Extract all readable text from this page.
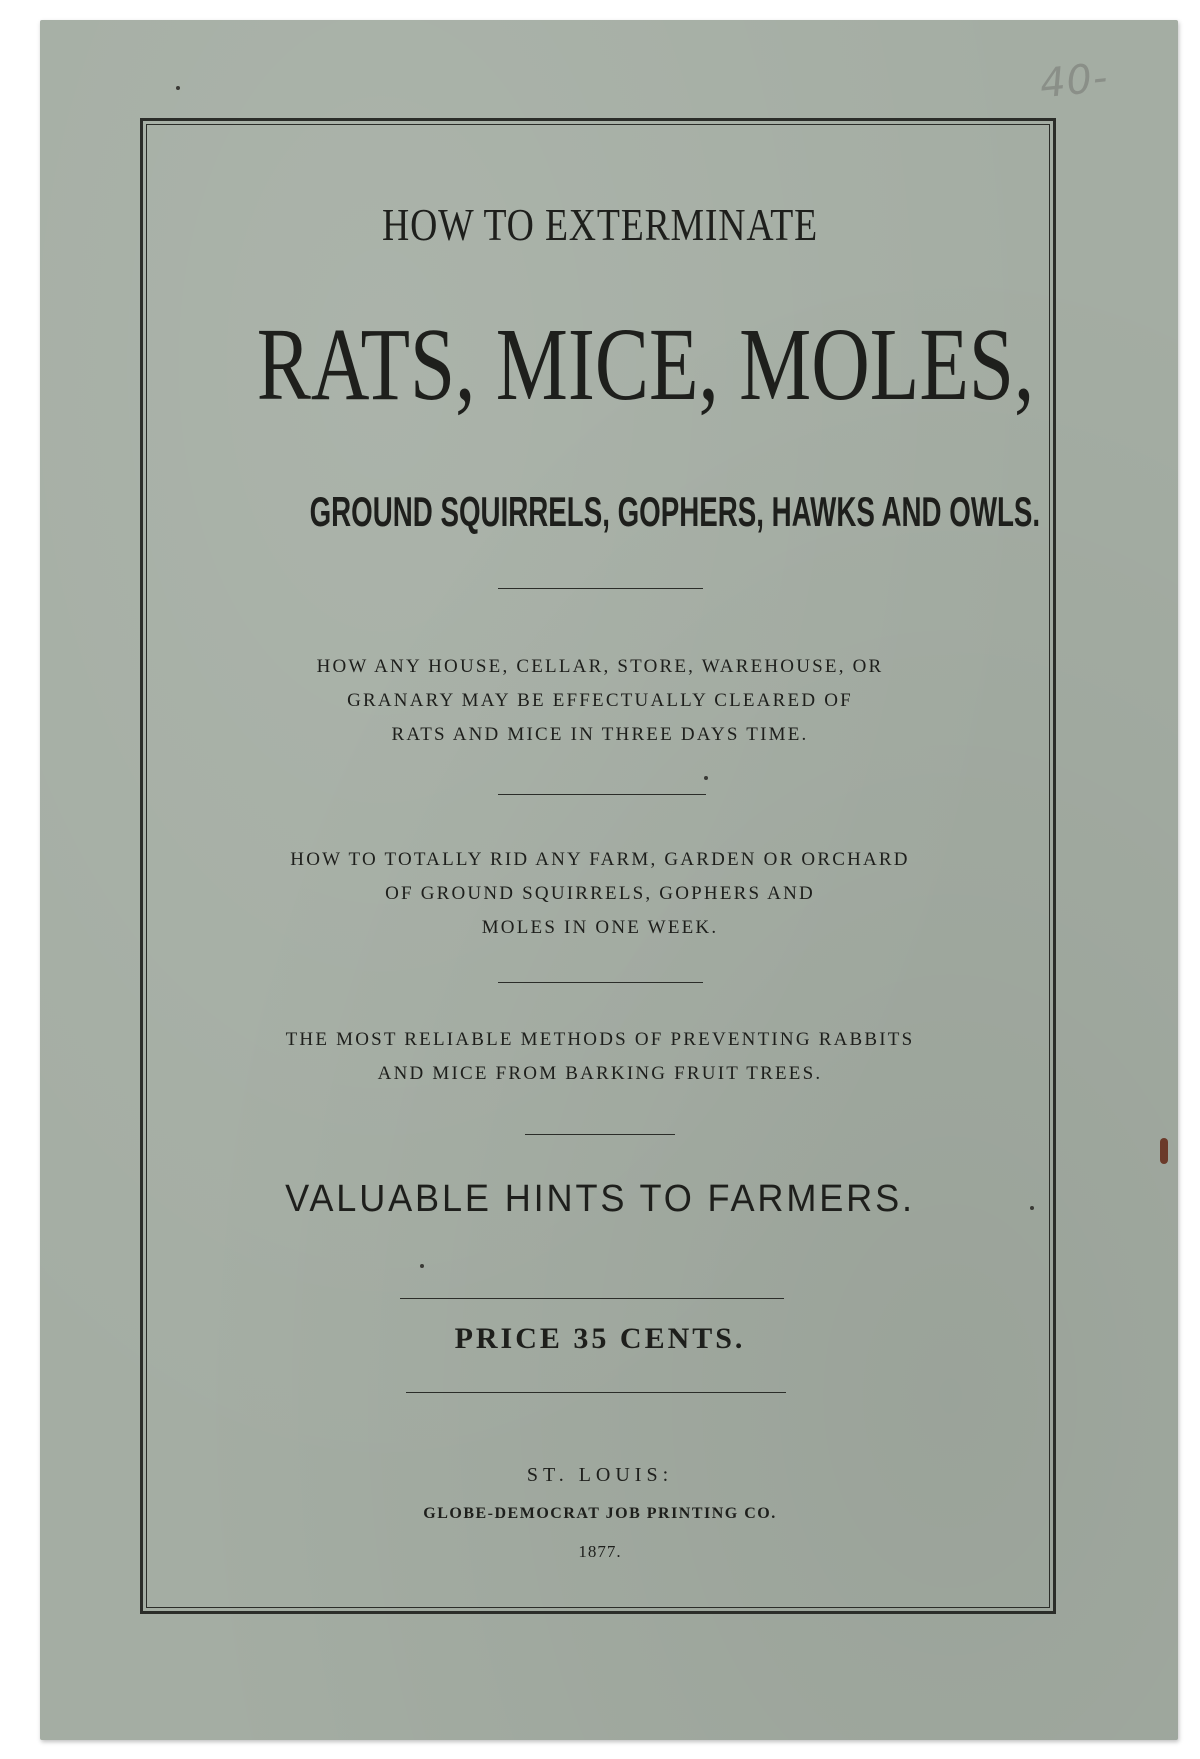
40-
HOW TO EXTERMINATE
RATS, MICE, MOLES,
GROUND SQUIRRELS, GOPHERS, HAWKS AND OWLS.
HOW ANY HOUSE, CELLAR, STORE, WAREHOUSE, OR
GRANARY MAY BE EFFECTUALLY CLEARED OF
RATS AND MICE IN THREE DAYS TIME.
HOW TO TOTALLY RID ANY FARM, GARDEN OR ORCHARD
OF GROUND SQUIRRELS, GOPHERS AND
MOLES IN ONE WEEK.
THE MOST RELIABLE METHODS OF PREVENTING RABBITS
AND MICE FROM BARKING FRUIT TREES.
VALUABLE HINTS TO FARMERS.
PRICE 35 CENTS.
ST. LOUIS:
GLOBE-DEMOCRAT JOB PRINTING CO.
1877.
